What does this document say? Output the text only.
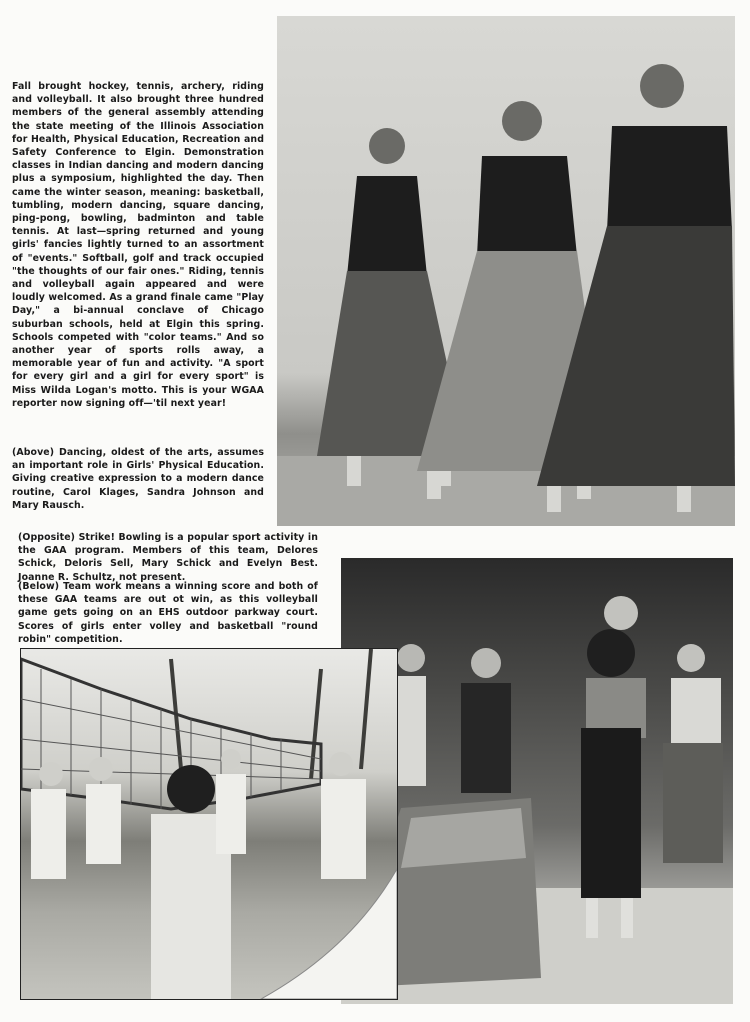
Fall brought hockey, tennis, archery, riding and volleyball. It also brought three hundred members of the general assembly attending the state meeting of the Illinois Association for Health, Physical Education, Recreation and Safety Conference to Elgin. Demonstration classes in Indian dancing and modern dancing plus a symposium, highlighted the day. Then came the winter season, meaning: basketball, tumbling, modern dancing, square dancing, ping-pong, bowling, badminton and table tennis. At last—spring returned and young girls' fancies lightly turned to an assortment of "events." Softball, golf and track occupied "the thoughts of our fair ones." Riding, tennis and volleyball again appeared and were loudly welcomed. As a grand finale came "Play Day," a bi-annual conclave of Chicago suburban schools, held at Elgin this spring. Schools competed with "color teams." And so another year of sports rolls away, a memorable year of fun and activity. "A sport for every girl and a girl for every sport" is Miss Wilda Logan's motto. This is your WGAA reporter now signing off—'til next year!
(Above) Dancing, oldest of the arts, assumes an important role in Girls' Physical Education. Giving creative expression to a modern dance routine, Carol Klages, Sandra Johnson and Mary Rausch.
(Opposite) Strike! Bowling is a popular sport activity in the GAA program. Members of this team, Delores Schick, Deloris Sell, Mary Schick and Evelyn Best. Joanne R. Schultz, not present.
(Below) Team work means a winning score and both of these GAA teams are out ot win, as this volleyball game gets going on an EHS outdoor parkway court. Scores of girls enter volley and basketball "round robin" competition.
